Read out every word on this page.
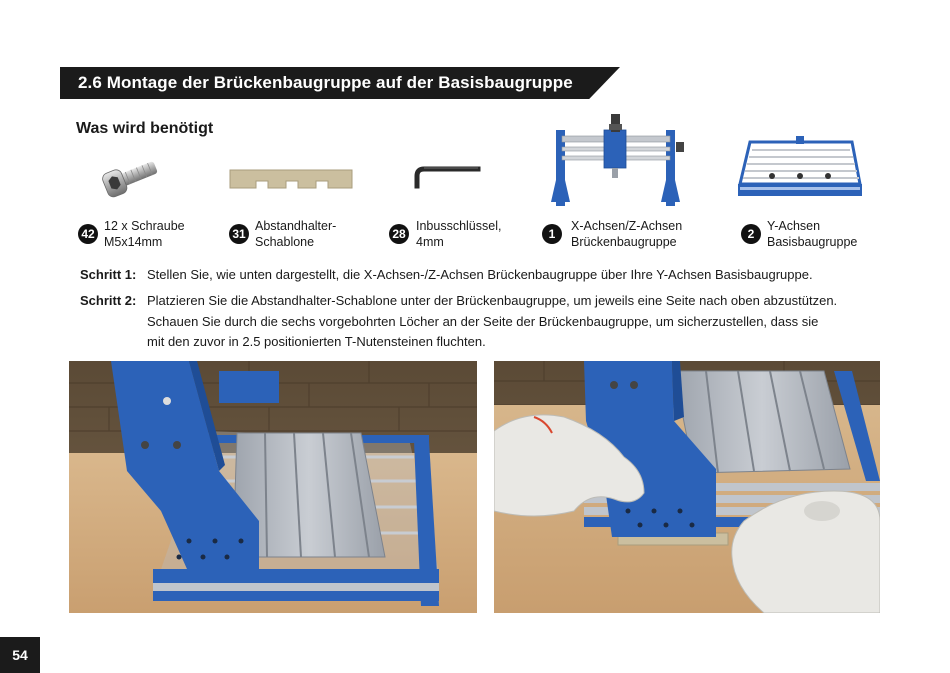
2.6 Montage der Brückenbaugruppe auf der Basisbaugruppe
Was wird benötigt
42
12 x Schraube
M5x14mm
31
Abstandhalter-
Schablone
28
Inbusschlüssel,
4mm
1
X-Achsen/Z-Achsen
Brückenbaugruppe
2
Y-Achsen
Basisbaugruppe
Schritt 1: Stellen Sie, wie unten dargestellt, die X-Achsen-/Z-Achsen Brückenbaugruppe über Ihre Y-Achsen Basisbaugruppe.
Schritt 2: Platzieren Sie die Abstandhalter-Schablone unter der Brückenbaugruppe, um jeweils eine Seite nach oben abzustützen.
Schauen Sie durch die sechs vorgebohrten Löcher an der Seite der Brückenbaugruppe, um sicherzustellen, dass sie
mit den zuvor in 2.5 positionierten T-Nutensteinen fluchten.
54
